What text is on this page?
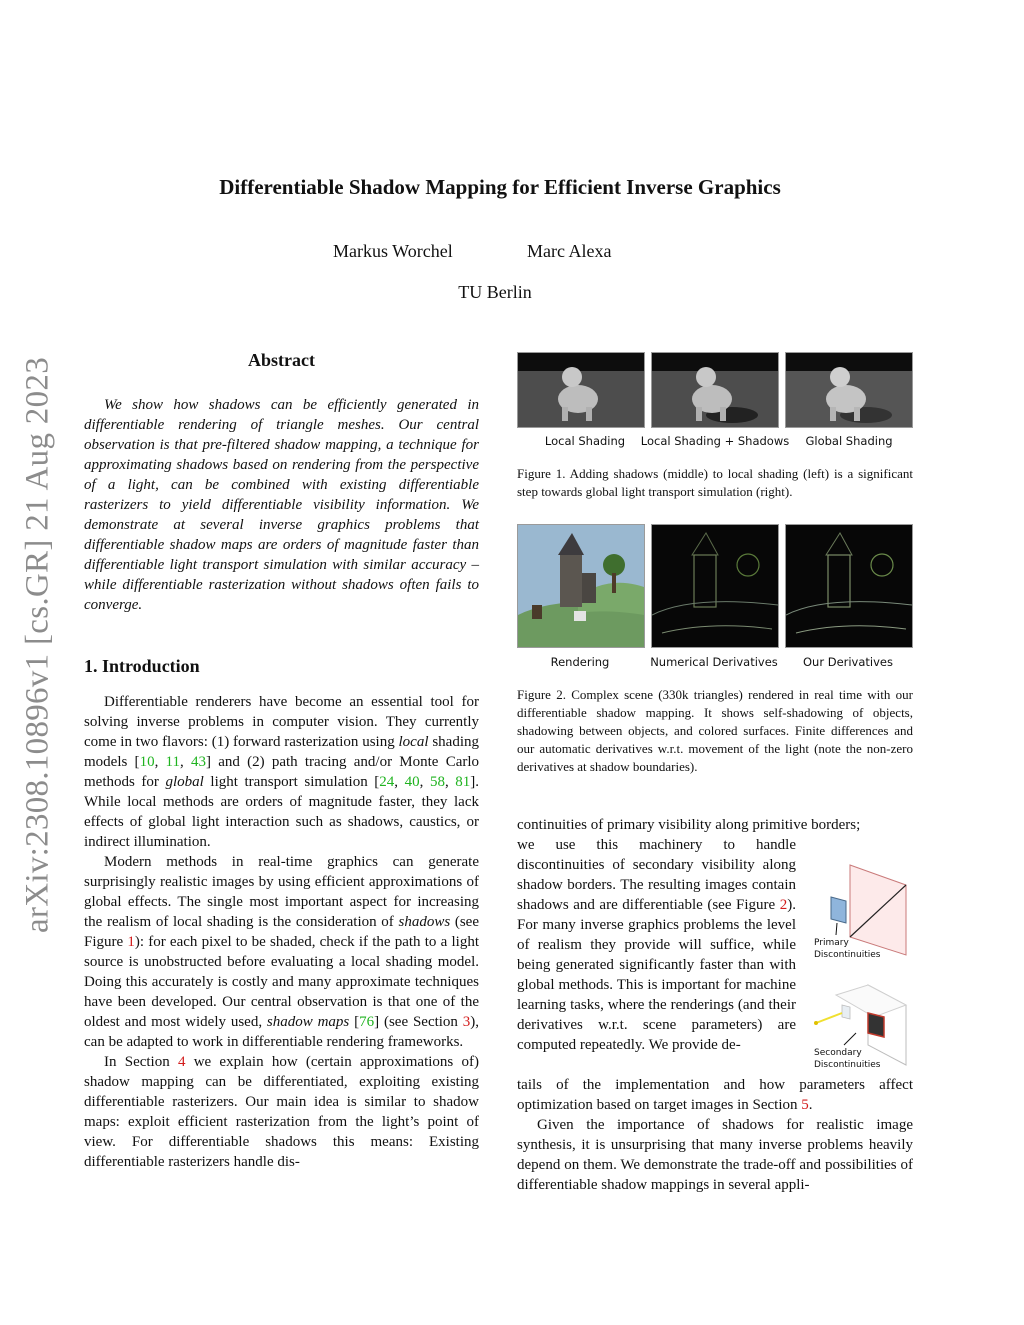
Differentiable Shadow Mapping for Efficient Inverse Graphics
Markus Worchel	Marc Alexa
TU Berlin
arXiv:2308.10896v1 [cs.GR] 21 Aug 2023	Abstract
We show how shadows can be efficiently generated in differentiable rendering of triangle meshes. Our central observation is that pre-filtered shadow mapping, a technique for approximating shadows based on rendering from the perspective of a light, can be combined with existing differentiable rasterizers to yield differentiable visibility information. We demonstrate at several inverse graphics problems that differentiable shadow maps are orders of magnitude faster than differentiable light transport simulation with similar accuracy – while differentiable rasterization without shadows often fails to converge.
1. Introduction

Differentiable renderers have become an essential tool for solving inverse problems in computer vision. They currently come in two flavors: (1) forward rasterization using local shading models [10, 11, 43] and (2) path tracing and/or Monte Carlo methods for global light transport simulation [24, 40, 58, 81]. While local methods are orders of magnitude faster, they lack effects of global light interaction such as shadows, caustics, or indirect illumination.

Modern methods in real-time graphics can generate surprisingly realistic images by using efficient approximations of global effects. The single most important aspect for increasing the realism of local shading is the consideration of shadows (see Figure 1): for each pixel to be shaded, check if the path to a light source is unobstructed before evaluating a local shading model. Doing this accurately is costly and many approximate techniques have been developed. Our central observation is that one of the oldest and most widely used, shadow maps [76] (see Section 3), can be adapted to work in differentiable rendering frameworks.

In Section 4 we explain how (certain approximations of) shadow mapping can be differentiated, exploiting existing differentiable rasterizers. Our main idea is similar to shadow maps: exploit efficient rasterization from the light’s point of view. For differentiable shadows this means: Existing differentiable rasterizers handle dis-

Local Shading	Local Shading + Shadows	Global Shading
Figure 1. Adding shadows (middle) to local shading (left) is a significant step towards global light transport simulation (right).
Rendering	Numerical Derivatives	Our Derivatives
Figure 2. Complex scene (330k triangles) rendered in real time with our differentiable shadow mapping. It shows self-shadowing of objects, shadowing between objects, and colored surfaces. Finite differences and our automatic derivatives w.r.t. movement of the light (note the non-zero derivatives at shadow boundaries).
continuities of primary visibility along primitive borders;
we use this machinery to handle discontinuities of secondary visibility along shadow borders. The resulting images contain shadows and are differentiable (see Figure 2). For many inverse graphics problems the level of realism they provide will suffice, while being generated significantly faster than with global methods. This is important for machine learning tasks, where the renderings (and their derivatives w.r.t. scene parameters) are computed repeatedly. We provide de-
tails of the implementation and how parameters affect optimization based on target images in Section 5.

Given the importance of shadows for realistic image synthesis, it is unsurprising that many inverse problems heavily depend on them. We demonstrate the trade-off and possibilities of differentiable shadow mappings in several appli-

Primary Discontinuities
Secondary Discontinuities
